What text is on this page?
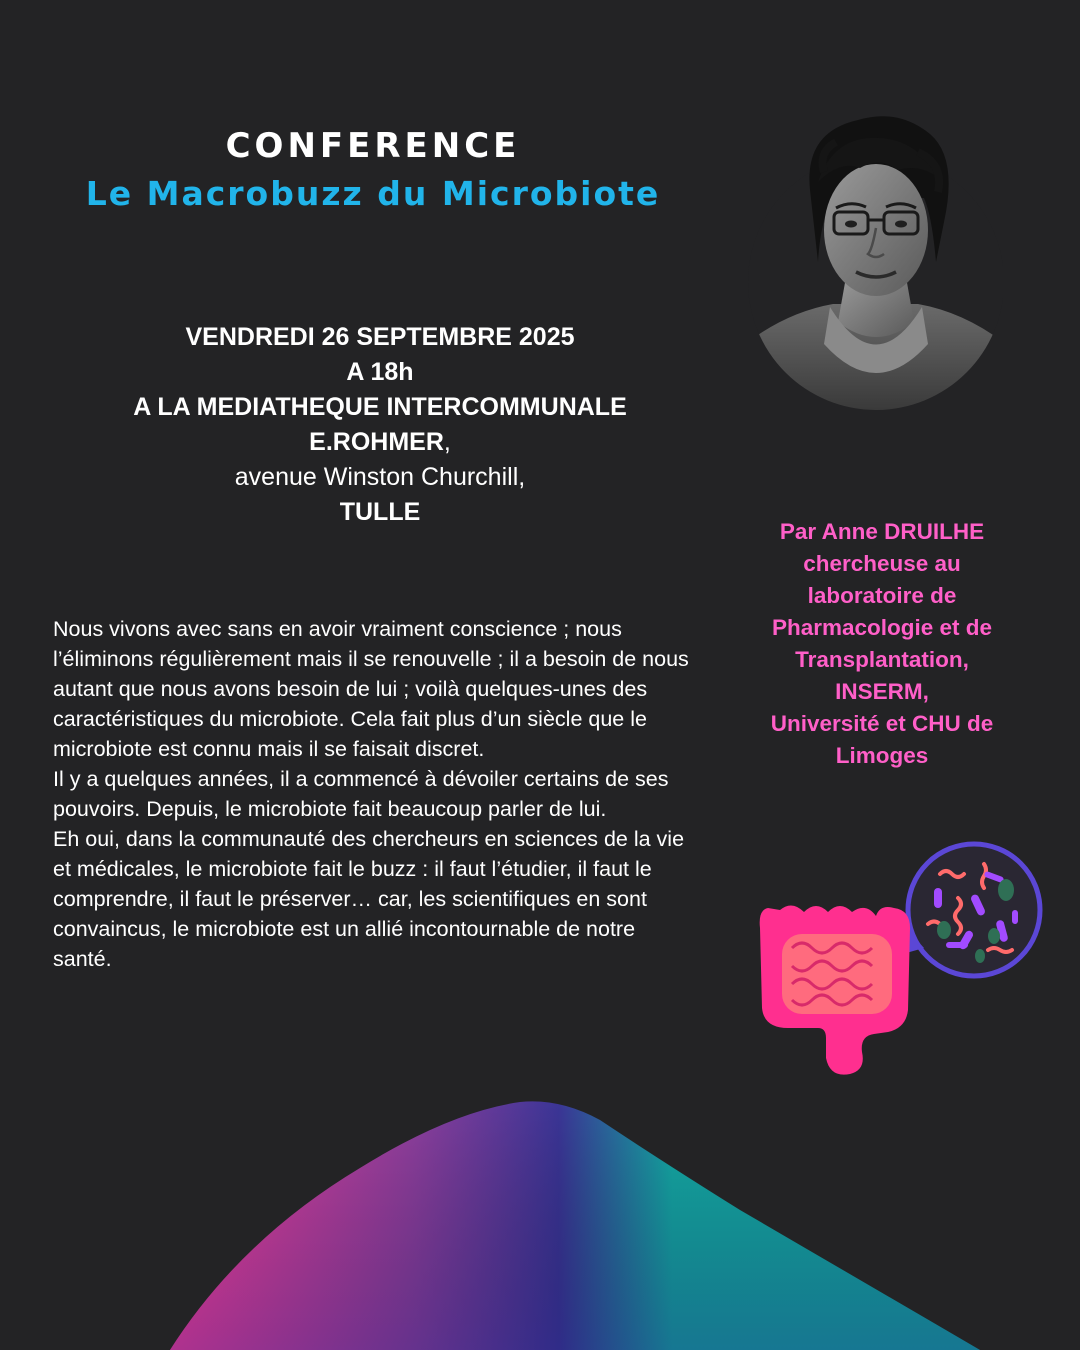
CONFERENCE
Le Macrobuzz du Microbiote
VENDREDI 26 SEPTEMBRE 2025
A 18h
A LA MEDIATHEQUE INTERCOMMUNALE
E.ROHMER,
avenue Winston Churchill,
TULLE

Nous vivons avec sans en avoir vraiment conscience ; nous l’éliminons régulièrement mais il se renouvelle ; il a besoin de nous autant que nous avons besoin de lui ; voilà quelques-unes des caractéristiques du microbiote. Cela fait plus d’un siècle que le microbiote est connu mais il se faisait discret.

Il y a quelques années, il a commencé à dévoiler certains de ses pouvoirs. Depuis, le microbiote fait beaucoup parler de lui.

Eh oui, dans la communauté des chercheurs en sciences de la vie et médicales, le microbiote fait le buzz : il faut l’étudier, il faut le comprendre, il faut le préserver… car, les scientifiques en sont convaincus, le microbiote est un allié incontournable de notre santé.

Par Anne DRUILHE
chercheuse au
laboratoire de
Pharmacologie et de
Transplantation,
INSERM,
Université et CHU de
Limoges
